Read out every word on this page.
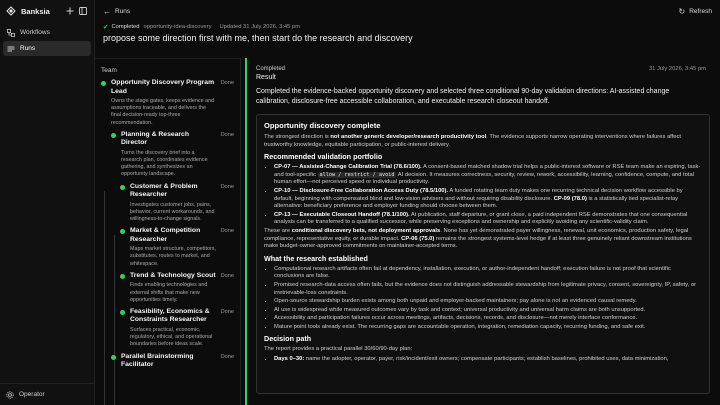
Banksia
Workflows
Runs
Operator
← Runs	↻ Refresh
✔ Completed opportunity-idea-discovery Updated 31 July 2026, 3:45 pm
propose some direction first with me, then start do the research and discovery
Team
Opportunity Discovery Program Lead
Owns the stage gates, keeps evidence and assumptions traceable, and delivers the final decision-ready top-three recommendation.
Done
Planning & Research Director
Turns the discovery brief into a research plan, coordinates evidence gathering, and synthesizes an opportunity landscape.
Done
Customer & Problem Researcher
Investigates customer jobs, pains, behavior, current workarounds, and willingness-to-change signals.
Done
Market & Competition Researcher
Maps market structure, competitors, substitutes, routes to market, and whitespace.
Done
Trend & Technology Scout
Finds enabling technologies and external shifts that make new opportunities timely.
Done
Feasibility, Economics & Constraints Researcher
Surfaces practical, economic, regulatory, ethical, and operational boundaries before ideas scale.
Done
Parallel Brainstorming Facilitator
Done
Completed	31 July 2026, 3:45 pm
Result
Completed the evidence-backed opportunity discovery and selected three conditional 90-day validation directions: AI-assisted change calibration, disclosure-free accessible collaboration, and executable research closeout handoff.
Opportunity discovery complete

The strongest direction is not another generic developer/research productivity tool. The evidence supports narrow operating interventions where failures affect trustworthy knowledge, equitable participation, or public-interest delivery.

Recommended validation portfolio
• CP-07 — Assisted-Change Calibration Trial (78.6/100). A consent-based matched shadow trial helps a public-interest software or RSE team make an expiring, task- and tool-specific allow / restrict / avoid AI decision. It measures correctness, security, review, rework, accessibility, learning, confidence, compute, and total human effort—not perceived speed or individual productivity.
• CP-10 — Disclosure-Free Collaboration Access Duty (78.5/100). A funded rotating team duty makes one recurring technical decision workflow accessible by default, beginning with compensated blind and low-vision advisers and without requiring disability disclosure. CP-09 (78.0) is a statistically tied specialist-relay alternative: beneficiary preference and employer funding should choose between them.
• CP-13 — Executable Closeout Handoff (78.1/100). At publication, staff departure, or grant close, a paid independent RSE demonstrates that one consequential analysis can be transferred to a qualified successor, while preserving exceptions and ownership and explicitly avoiding any scientific-validity claim.

These are conditional discovery bets, not deployment approvals. None has yet demonstrated payer willingness, renewal, unit economics, production safety, legal compliance, representative equity, or durable impact. CP-06 (75.0) remains the strongest systems-level hedge if at least three genuinely reliant downstream institutions make budget-owner-approved commitments on maintainer-accepted terms.

What the research established
• Computational research artifacts often fail at dependency, installation, execution, or author-independent handoff; execution failure is not proof that scientific conclusions are false.
• Promised research-data access often fails, but the evidence does not distinguish addressable stewardship from legitimate privacy, consent, sovereignty, IP, safety, or irretrievable-loss constraints.
• Open-source stewardship burden exists among both unpaid and employer-backed maintainers; pay alone is not an evidenced causal remedy.
• AI use is widespread while measured outcomes vary by task and context; universal productivity and universal harm claims are both unsupported.
• Accessibility and participation failures occur across meetings, artifacts, decisions, records, and disclosure—not merely interface conformance.
• Mature point tools already exist. The recurring gaps are accountable operation, integration, remediation capacity, recurring funding, and safe exit.
Decision path

The report provides a practical parallel 30/60/90-day plan:

• Days 0–30: name the adopter, operator, payer, risk/incident/exit owners; compensate participants; establish baselines, prohibited uses, data minimization,
